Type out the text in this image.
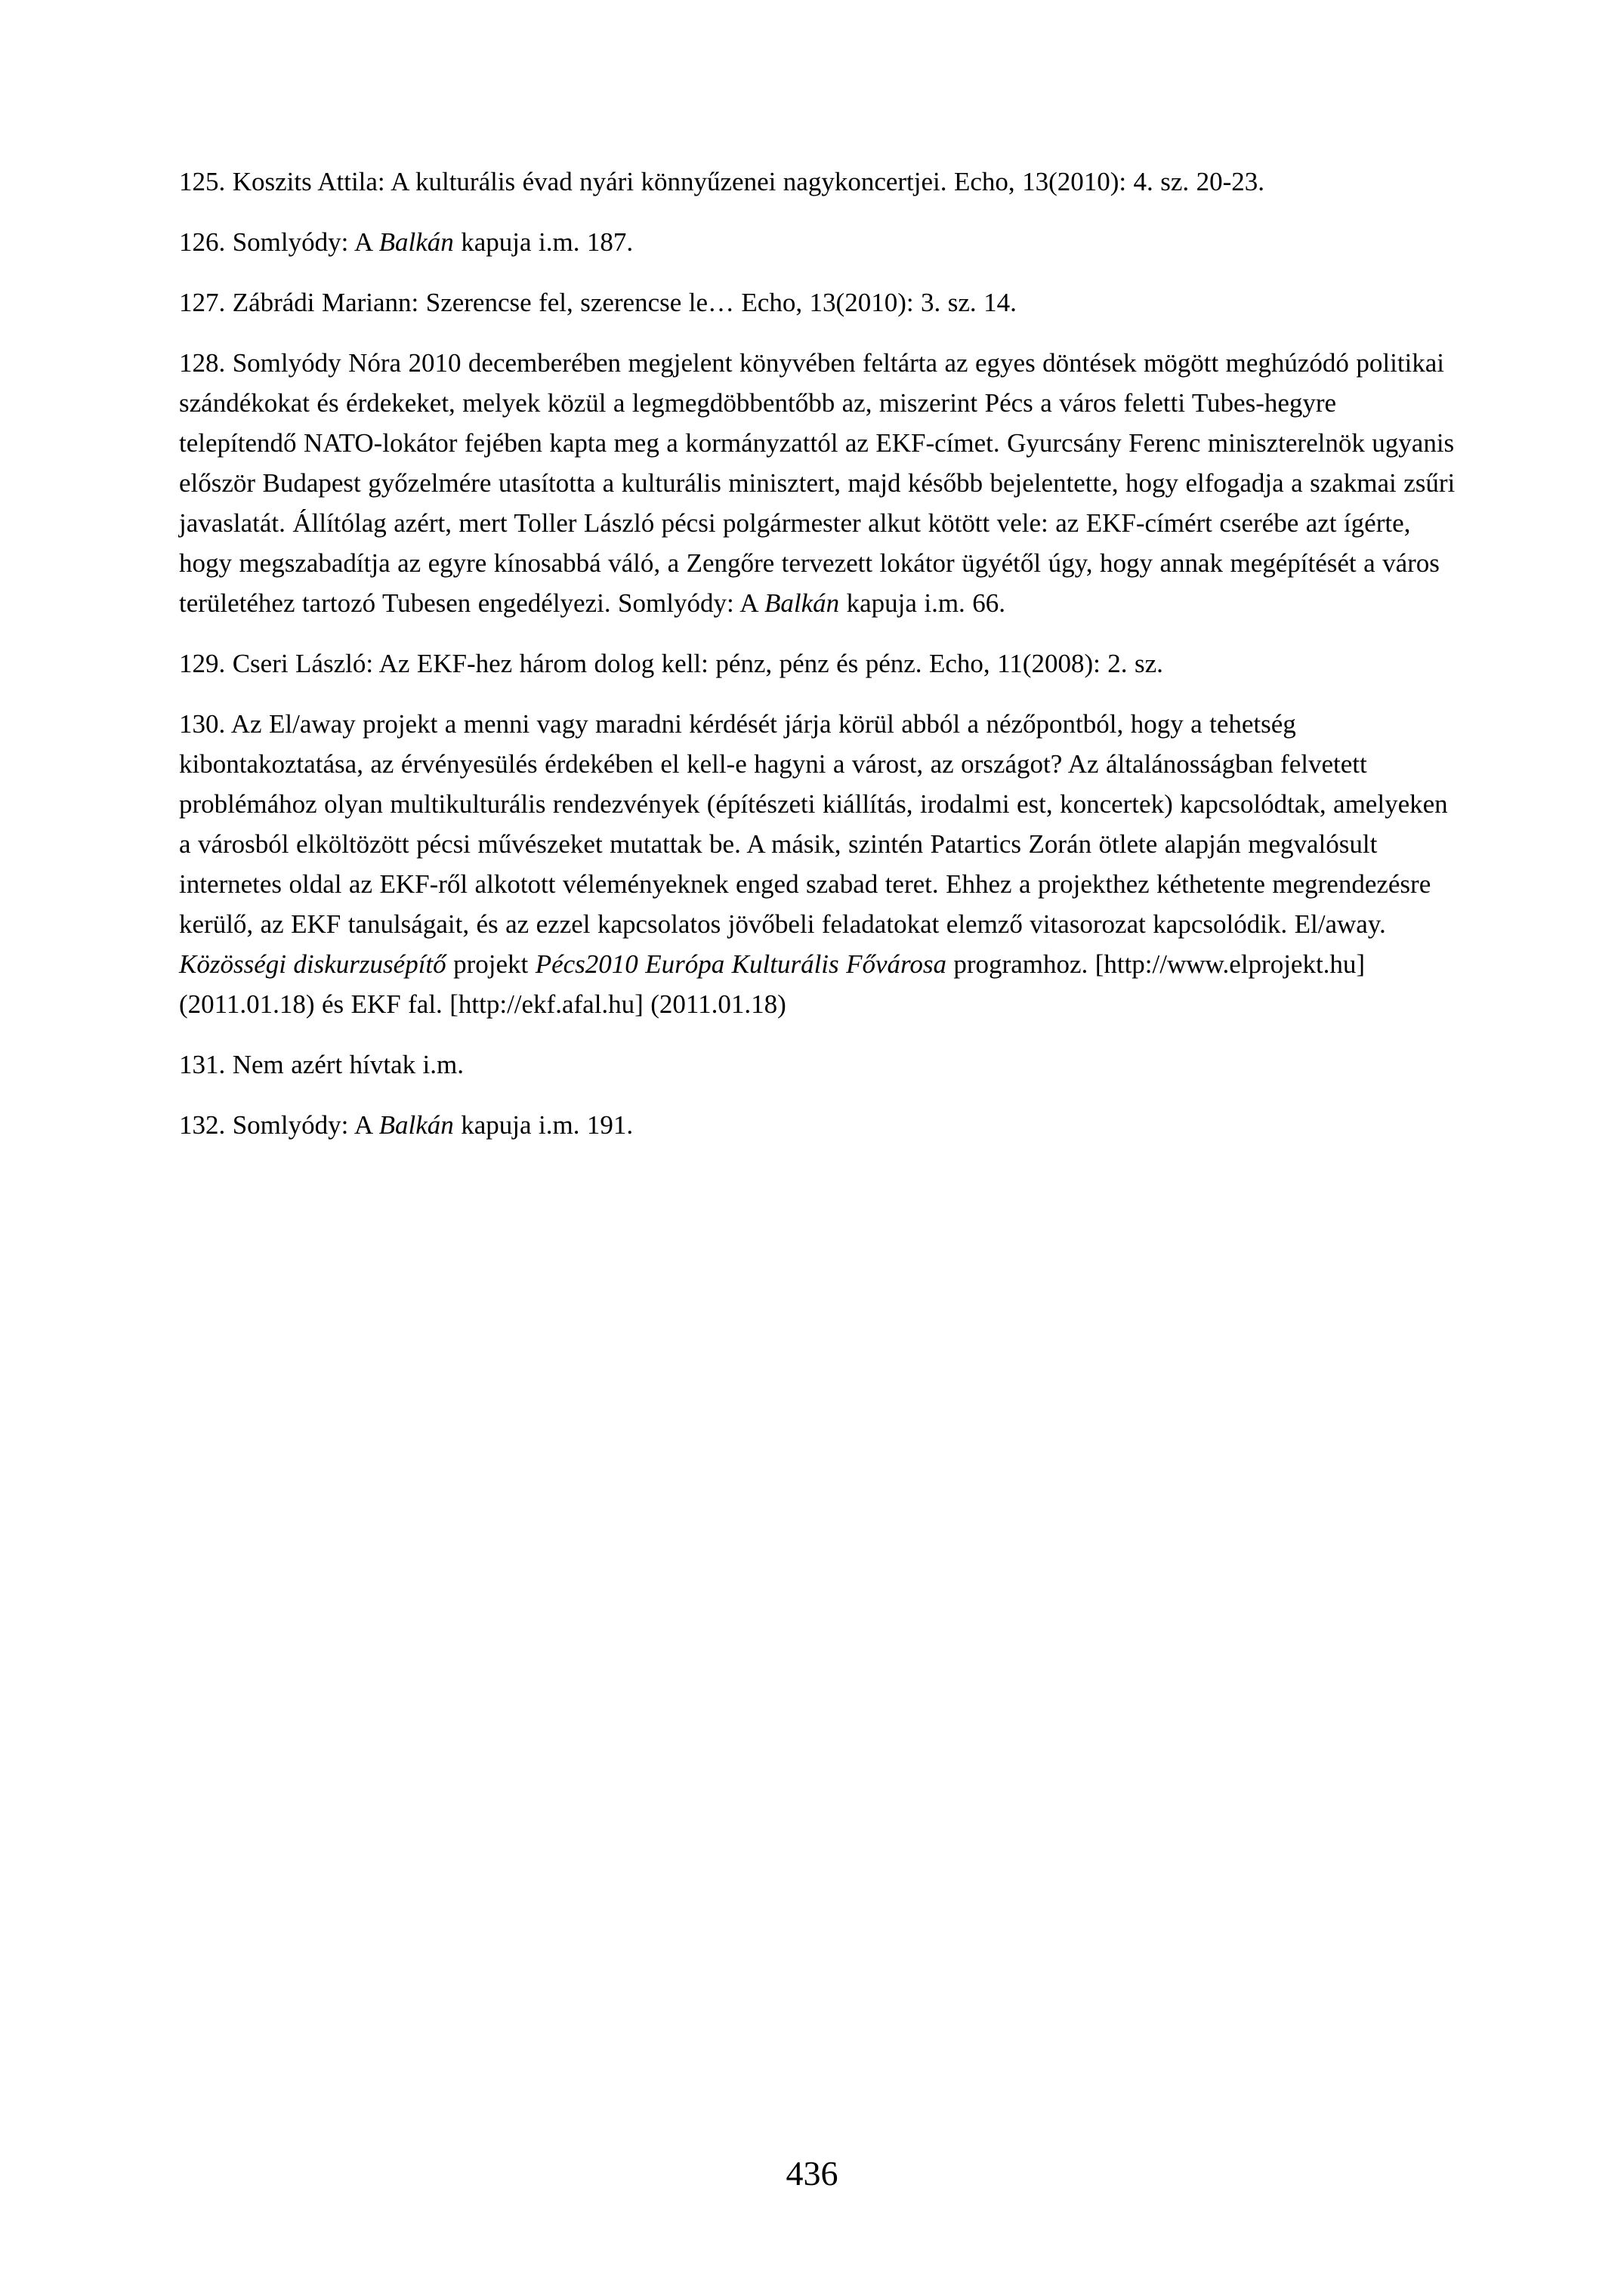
125. Koszits Attila: A kulturális évad nyári könnyűzenei nagykoncertjei. Echo, 13(2010): 4. sz. 20-23.

126. Somlyódy: A Balkán kapuja i.m. 187.

127. Zábrádi Mariann: Szerencse fel, szerencse le… Echo, 13(2010): 3. sz. 14.

128. Somlyódy Nóra 2010 decemberében megjelent könyvében feltárta az egyes döntések mögött meghúzódó politikai szándékokat és érdekeket, melyek közül a legmegdöbbentőbb az, miszerint Pécs a város feletti Tubes-hegyre telepítendő NATO-lokátor fejében kapta meg a kormányzattól az EKF-címet. Gyurcsány Ferenc miniszterelnök ugyanis először Budapest győzelmére utasította a kulturális minisztert, majd később bejelentette, hogy elfogadja a szakmai zsűri javaslatát. Állítólag azért, mert Toller László pécsi polgármester alkut kötött vele: az EKF-címért cserébe azt ígérte, hogy megszabadítja az egyre kínosabbá váló, a Zengőre tervezett lokátor ügyétől úgy, hogy annak megépítését a város területéhez tartozó Tubesen engedélyezi. Somlyódy: A Balkán kapuja i.m. 66.

129. Cseri László: Az EKF-hez három dolog kell: pénz, pénz és pénz. Echo, 11(2008): 2. sz.

130. Az El/away projekt a menni vagy maradni kérdését járja körül abból a nézőpontból, hogy a tehetség kibontakoztatása, az érvényesülés érdekében el kell-e hagyni a várost, az országot? Az általánosságban felvetett problémához olyan multikulturális rendezvények (építészeti kiállítás, irodalmi est, koncertek) kapcsolódtak, amelyeken a városból elköltözött pécsi művészeket mutattak be. A másik, szintén Patartics Zorán ötlete alapján megvalósult internetes oldal az EKF-ről alkotott véleményeknek enged szabad teret. Ehhez a projekthez kéthetente megrendezésre kerülő, az EKF tanulságait, és az ezzel kapcsolatos jövőbeli feladatokat elemző vitasorozat kapcsolódik. El/away. Közösségi diskurzusépítő projekt Pécs2010 Európa Kulturális Fővárosa programhoz. [http://www.elprojekt.hu] (2011.01.18) és EKF fal. [http://ekf.afal.hu] (2011.01.18)

131. Nem azért hívtak i.m.

132. Somlyódy: A Balkán kapuja i.m. 191.

436
